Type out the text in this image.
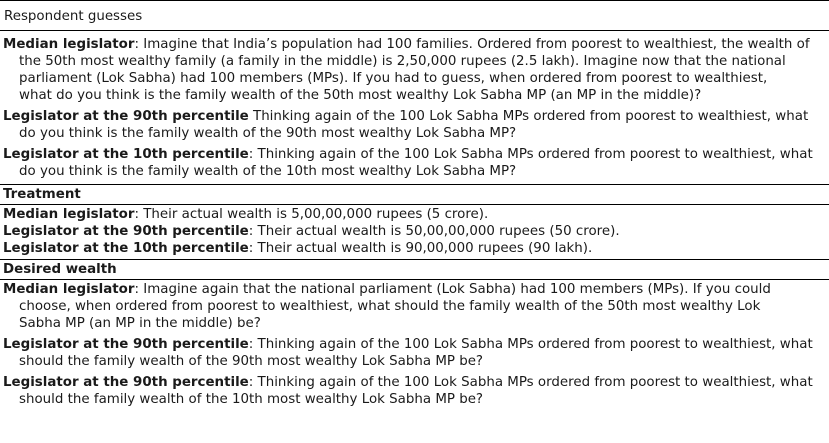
Respondent guesses
Median legislator: Imagine that India’s population had 100 families. Ordered from poorest to wealthiest, the wealth of
the 50th most wealthy family (a family in the middle) is 2,50,000 rupees (2.5 lakh). Imagine now that the national
parliament (Lok Sabha) had 100 members (MPs). If you had to guess, when ordered from poorest to wealthiest,
what do you think is the family wealth of the 50th most wealthy Lok Sabha MP (an MP in the middle)?
Legislator at the 90th percentile Thinking again of the 100 Lok Sabha MPs ordered from poorest to wealthiest, what
do you think is the family wealth of the 90th most wealthy Lok Sabha MP?
Legislator at the 10th percentile: Thinking again of the 100 Lok Sabha MPs ordered from poorest to wealthiest, what
do you think is the family wealth of the 10th most wealthy Lok Sabha MP?
Treatment
Median legislator: Their actual wealth is 5,00,00,000 rupees (5 crore).
Legislator at the 90th percentile: Their actual wealth is 50,00,00,000 rupees (50 crore).
Legislator at the 10th percentile: Their actual wealth is 90,00,000 rupees (90 lakh).
Desired wealth
Median legislator: Imagine again that the national parliament (Lok Sabha) had 100 members (MPs). If you could
choose, when ordered from poorest to wealthiest, what should the family wealth of the 50th most wealthy Lok
Sabha MP (an MP in the middle) be?
Legislator at the 90th percentile: Thinking again of the 100 Lok Sabha MPs ordered from poorest to wealthiest, what
should the family wealth of the 90th most wealthy Lok Sabha MP be?
Legislator at the 90th percentile: Thinking again of the 100 Lok Sabha MPs ordered from poorest to wealthiest, what
should the family wealth of the 10th most wealthy Lok Sabha MP be?
